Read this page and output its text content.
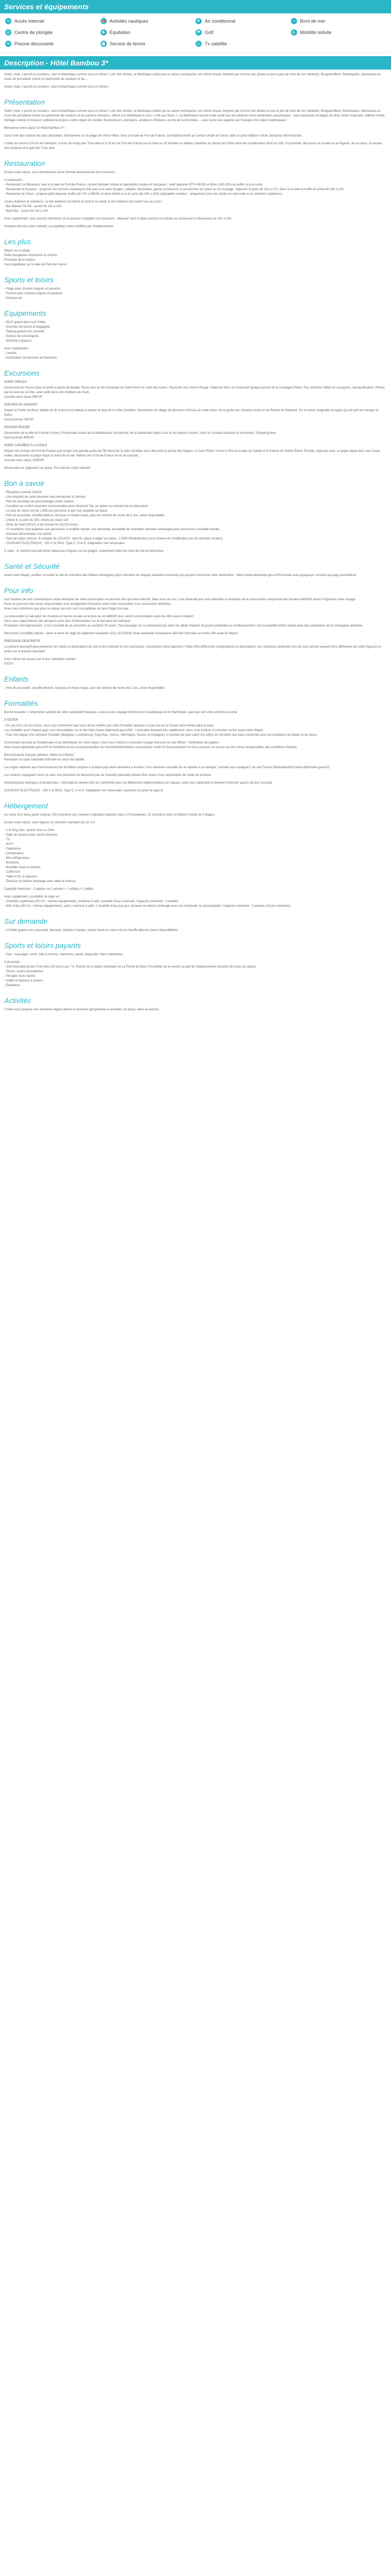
Services et équipements
≈ Accès Internet	⛵ Activités nautiques	❄ Air conditionné	~ Bord de mer
◎ Centre de plongée	♞ Équitation	⚑ Golf	♿ Mobilité réduite
≋ Piscine découverte	● Service de tennis	▭ Tv satellite
Description - Hôtel Bambou 3*
Soleil, mule, li punch et cocotiers, voici la Martinique comme vous en rêviez ! Loin des clichés, la Martinique séduit par sa nature verdoyante, son climat chaud, tempéré par la brise des alizées et par la joie de vivre de ses habitants. Bougainvilliers, flamboyants, allamandas et roses de porcelaine créent un patchwork de couleurs et de ...
Soleil, mule, li punch et cocotiers, voici la Martinique comme vous en rêviez !
Présentation
Soleil, mule, li punch et cocotiers, voici la Martinique comme vous en rêviez ! Loin des clichés, la Martinique séduit par sa nature verdoyante, son climat chaud, tempéré par la brise des alizées et par la joie de vivre de ses habitants. Bougainvilliers, flamboyants, allamandas et roses de porcelaine créent un patchwork de couleurs et de parfums enivrants, offrant à la Martinique le nom « d'île aux fleurs ». La Martinique réussit à elle seule tous les attributs d'une destination paradisiaque : eaux turquoises et plages de rêve, forêts tropicales, folklore créole, héritage culturel et douceur caribéenne propre à cette région du monde. Randonneurs, plongeurs, amateurs d'histoire, accros de la bronzette..., vous serez tous gagnés par l'énergie d'un séjour martiniquais !
Bienvenue votre séjour à l'Hôtel Bambou 3* !
Dans l'une des stations les plus attractives, directement sur la plage de l'Anse Mitan, face à la baie de Fort-de-France, cet établissement au confort simple et coloré, dans le pure tradition créole, fantaisies décontractée.
L'hôtel se trouve à 20 km de l'aéroport, à 4 km du bourg des Trois-Ilets et à 32 km de Fort-de-France par la route ou 30 minutes en bateau (navettes au départ de l'hôtel entre les coordonnées 6h30 et 22h). À proximité, découvrez le musée de la Pagerie, de la canne, la savane des esclaves et le golf des Trois Ilets.
Restauration
Durant votre séjour, vous bénéficierez d'une formule demi-pension hors boissons.
2 restaurants :
- Restaurant Le Boukarou, face à la baie de Fort-de-France, cuisine familiale simple et spécialités créoles et françaises : petit déjeuner (07h-09h30) et dîner (19h-22h) au buffet ou à la carte.
- Restaurant le Kanaoa* : proposé une formule snacking le midi avec à la carte burgers, salades, brochettes, glaces et boissons à consommer sur place ou sur la plage : déjeuner et plats de 12h à 17h, dîner à la carte et buffet et soirée de 19h à 22h.
- Restaurant le Citron : propose petit-déjeuner buffet (de 07h à 09h30) et dîner buffet ou à la carte (de 19h à 22h) (spécialités créoles) : uniquement pour les clients en mini-suite et en chambre supérieure.
2 bars (intérieur et extérieur). Le bar extérieur est fermé le lundi et le mardi, le bar intérieur est ouvert tous les jours :
- Bar Manian Tei Hé : ouvert de 11h à 22h.
- Banli Bal : ouvert de 11h à 22h.
Avec supplément, vous pourrez bénéficier de la pension complète hors boissons : déjeuner servi à table (service en entrées au restaurant Le Boukarou) de 12h à 22h.
Horaires donnés à titre indicatif, susceptibles d'être modifiés par l'établissement.
Les plus
Séjour sur la plage
Petits bungalows charmants et colorés
Proximité de la marina
Vue magnifique sur la baie de Fort-de-France
Sports et loisirs
- Plage avec chaises longues et parasols.
- Piscine avec chaises longues et parasols.
- Kiosque art.
Equipements
- Wi-Fi gratuit dans tout l'hôtel.
- Douches de transit et bagagerie.
- Parking gratuit non surveillé.
- Service de conciergerie.
- Machine à glaçons.
Avec supplément :
- Laverie.
- Distributeur de boissons et friandises.
Excursions
NORD CRÉOLE
Découverte du Sacré-Cœur et arrêt au jardin de Balata. Route vers le site historique de Saint-Pierre et visite des ruines. Poursuite vers Morne-Rouge. Déjeuner dans un restaurant typique proche de la montagne Pelée. Puis direction Vallée en cacaoyers, Ajoupa-Bouillon. Retour par la route de la Côte, avec arrêt dans une distillerie de rhum.
Journée avec repas 96EUR
ROCHER DU DIAMANT
Départ la Pointe du Bout, balade de 3h à bord d'un bateau à moteur le long de la Côte Caraïbes. Découverte du village de pêcheurs d'Anses-au-voile-Noire, de la grotte aux chauves-souris et du Rocher du Diamant. Sur le retour, baignade au lagon (jus de grill de mangue et fruits).
Demi-journée 75EUR
SENTIER ÉPICÉE
Découverte de la ville de Fort-de-France. Promenade autour de la bibliothèque Schoelcher, de la cathédrale Saint-Louis et du marché couvert, riche en couleurs parfums et rencontres. Shopping libre.
Demi-journée 46EUR
NORD CARAÏBES À LA VOILE
Départ vers la baie de Fort-de-France puis longer une grande partie de l'Île Nord par la côte Caraïbes pour découvrir la pointe des Nègres, la Case Pilote, l'Anse à l'Âne et la baie du Carbet et la Poterie de Sainte-Pierre. Ensuite, déjeuner avec un pique-nique dans une crique isolée, découverte et pique-nique au bord de la mer. Retour vers Fort-de-France en fin de journée.
Journée avec repas 120EUR
Réservation et règlement sur place. Prix donnés à titre indicatif.
Bon à savoir
- Réception ouverte 24h/24.
- Une enquête de carte bancaire sera demandée à l'arrivée.
- Prêt de serviettes de piscine/plage contre caution.
- Condition de confort vivement recommandée pour découvrir l'île, en option au moment de la réservation.
- La taxe de séjour est de 1,65€ par personne et par nuit, payable sur place.
- Prêt de poussette, chauffe-biberon, berceau et chaise haute, pour les enfants de moins de 2 ans, selon disponibilité.
- Check-in à partir de 15h, check-out avant 11h.
- Dîner de Noël (24/12) et du Nouvel An (31/12) inclus.
- 15 chambres sont adaptées aux personnes à mobilité réduite. Sur demande, possibilité de chambres standard aménagée pour personnes à mobilité réduite.
- Animaux domestiques non admis.
- Taxe de séjour incluse. À compter de 15/12/25 : taxe de séjour à régler sur place : 1,00EUR/adulte/nuit (sous réserve de modification par les autorités locales).
- COURANT ÉLECTRIQUE : 230 V et 50Hz. Type C, D et E. Adaptateur non nécessaire.
À noter : le marché pourrait entrer beaucoup d'algues sur les plages, notamment entre les mois de Mai et Décembre.
Santé et Sécurité
Avant votre départ, veuillez consulter le site du ministère des Affaires étrangères pour connaître les risques sanitaires éventuels qui peuvent concerner votre destination : https://www.diplomatie.gouv.fr/fr/conseils-aux-voyageurs/ conseils-par-pays-destination/
Pour info
Nos horaires de vols communiqués avant réception de votre convocation ne peuvent être qu'à titre indicatif. Dans tous les cas, il est impératif que vous attendiez la réception de la convocation comprenant les horaires définitifs avant d'organiser votre voyage.
Nous ne pourrons être tenus responsables d'un changement d'horaires entre votre réservation et la convocation définitive.
Nous vous informons que pour ce séjour, les vols sont susceptibles de faire l'objet d'escale.
La convocation à l'aéroport, les horaires et heures locales et le plan de vol définitif vous seront communiqués dans les 48h avant le départ.
Vous vous rapprocherez des aéroports pour plus d'informations sur le transport de l'aéroport.
Procédure d'enregistrement : il est conseillé de se présenter au comptoir 3h avant. Tout passager ne se présentant pas dans les délais impartis ne pourra prétendre au remboursement. Vol susceptible d'être réalisé avec des partenaires de la compagnie aérienne.
Personnes à mobilité réduite : selon le texte de règle du règlement européen (EU) 1107/2006, toute demande d'assistance doit être formulée au moins 48h avant le départ.
PRÉCISION DESCRIPTIF
Le présent descriptif peut présenter les hôtels et destinations de sont à titre indicatif et non contractuel. Concernant votre logement, l'hôtel offre différentes configurations et décorations. Les chambres attribuées lors de votre arrivée peuvent être différentes de celles figurant en photo sur le présent descriptif.
Votre séjour est assuré par le tour opérateur suivant :
EXOTI
Enfants
- Prêt de poussette, chauffe-biberon, berceau et chaise haute, pour les enfants de moins de 2 ans, selon disponibilité.
Formalités
Bonne nouvelle ! L'empreinte carbone de votre nationalité française, vous pouvez voyager librement en Guadeloupe et en Martinique, quel que soit votre schéma vaccinal.
À NOTER
- En cas d'un vol non inclus, vous vous informerez que vous devez vérifier que votre formalité sanitaire n'a pas lieu et se trouve votre entrée dans le pays.
Les modalités pour chaque pays sont consultables sur le site https://www.diplomatie.gouv.fr/fr/ : L'actualité évoluant très rapidement, nous vous invitons à consulter ce lien avant votre départ.
- Pour tout départ d'un aéroport frontalier (Belgique, Luxembourg, Pays-Bas, Suisse, Allemagne, Suisse ou Espagne), il convient de faire valoir vos effets du ministère des pays concernés pour les conditions de départ et de retour.
Concernant l'accueil au Guadeloupe et au Martinique sur votre séjour, nous vous invitons à consulter la page d'accueil du site officiel : Vérification de papiers.
https://www.diplomatie.gouv.fr/fr/ le ministère et ses nouveaux/quelles du ministère/informations coronavirus/ covid-19 Gouvernement ne nous pouvons en aucun cas être tenus responsables des conditions d'entrée.
Ressortissants français (adultes, bébés et enfants) :
Passeport ou carte nationale d'identité en cours de validité.
Les règles relatives aux franchissement de frontières propres à chaque pays étant amenées à évoluer, il est vivement conseillé de se reporter à la rubrique "conseils aux voyageurs" du site France Diplomatie(http://www.diplomatie.gouv.fr/).
Les mineurs voyageant seuls ou avec une personne ne disposant pas de l'autorité parentale doivent être munis d'une autorisation de sortie de territoire.
Ressortissants étrangers et binationaux : informations doivent être en conformité avec les différentes réglementations en vigueur, selon leur nationalité et doivent s'informer auprès de leur consulat.
COURANT ÉLECTRIQUE : 230 V et 50Hz. Type C, D et E. Adaptateur non nécessaire sauf pour les prise de type D.
Hébergement
Au coeur d'un beau jardin tropical, 193 chambres aux couleurs tropicales réparties dans 173 bungalows, 21 chambres dans la Maison Créole de 2 étages.
Durant votre séjour, vous logerez en chambre standard (de 32 m²) :
- 1 lit King Size, Queen Size ou Twin.
- Salle de douche avec sèche-cheveux.
- TV.
- Wi-Fi.
- Téléphone.
- Climatisation.
- Mini-réfrigérateur.
- Bouilloire.
- Bouteille d'eau à l'arrivée.
- Coffre-fort.
- Table et lits à repasser.
- Terrasse ou balcon aménagé avec table et chaises.
Capacité maximum : 3 adultes ou 2 adultes + 1 enfant (+ 1 bébé).
Avec supplément, possibilité de loger en :
- Chambre supérieure (25 m²) : mêmes équipements, machine à café, bouteille d'eau à l'arrivée. Capacité maximum : 2 adultes
- Mini-Suite (40 m²) : mêmes équipements, salon, machine à café, 1 bouteille d'eau par jour, terrasse ou balcon aménagé avec vue mer/jardin ou piscine/jardin. Capacité maximum : 2 adultes (18 ans minimum).
Sur demande
- Lit bébé gratuit avec poussette, berceau, matelas à langer, chaise haute ou maxi-cosi et chauffe-biberon (selon disponibilités).
Sports et loisirs payants
- Spa : massages, soins, bain à remous, hammam, sauna, baignade / bains balnéaires.
À proximité :
- Golf international des Trois-Ilets (18 trous) par 7 £. Proche de la station balnéaire de La Pointe du Bout. Possibilité de se rendre au golf de l'établissement (location de clubs sur place).
- Tennis, centre d'excellence.
- Plongée sous-marine.
- Voilier et bateaux à moteur.
- Équitation.
Activités
L'hôtel vous propose une animation légère diurne et nocturne (programme à consulter sur place, selon la saison).
